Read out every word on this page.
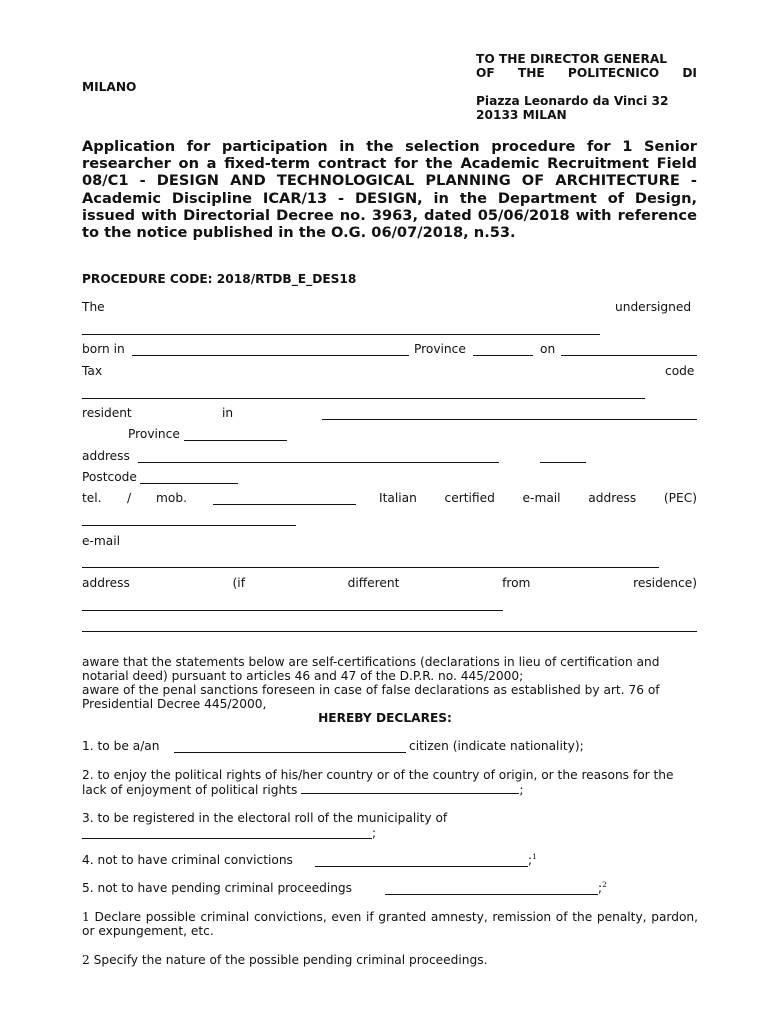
TO THE DIRECTOR GENERAL
OF THE POLITECNICO DI
MILANO
Piazza Leonardo da Vinci 32
20133 MILAN
Application for participation in the selection procedure for 1 Senior researcher on a fixed-term contract for the Academic Recruitment Field 08/C1 - DESIGN AND TECHNOLOGICAL PLANNING OF ARCHITECTURE - Academic Discipline ICAR/13 - DESIGN, in the Department of Design, issued with Directorial Decree no. 3963, dated 05/06/2018 with reference to the notice published in the O.G. 06/07/2018, n.53.
PROCEDURE CODE: 2018/RTDB_E_DES18
The	undersigned
born in	Province	on
Tax	code
resident	in
Province
address
Postcode
tel. / mob.	Italian certified e-mail address (PEC)
e-mail
address	(if	different	from	residence)
aware that the statements below are self-certifications (declarations in lieu of certification and notarial deed) pursuant to articles 46 and 47 of the D.P.R. no. 445/2000;
aware of the penal sanctions foreseen in case of false declarations as established by art. 76 of Presidential Decree 445/2000,
HEREBY DECLARES:
1. to be a/an	citizen (indicate nationality);
2. to enjoy the political rights of his/her country or of the country of origin, or the reasons for the lack of enjoyment of political rights	;
3. to be registered in the electoral roll of the municipality of
;
4. not to have criminal convictions	;$^1$
5. not to have pending criminal proceedings	;$^2$
1 Declare possible criminal convictions, even if granted amnesty, remission of the penalty, pardon, or expungement, etc.
2 Specify the nature of the possible pending criminal proceedings.
